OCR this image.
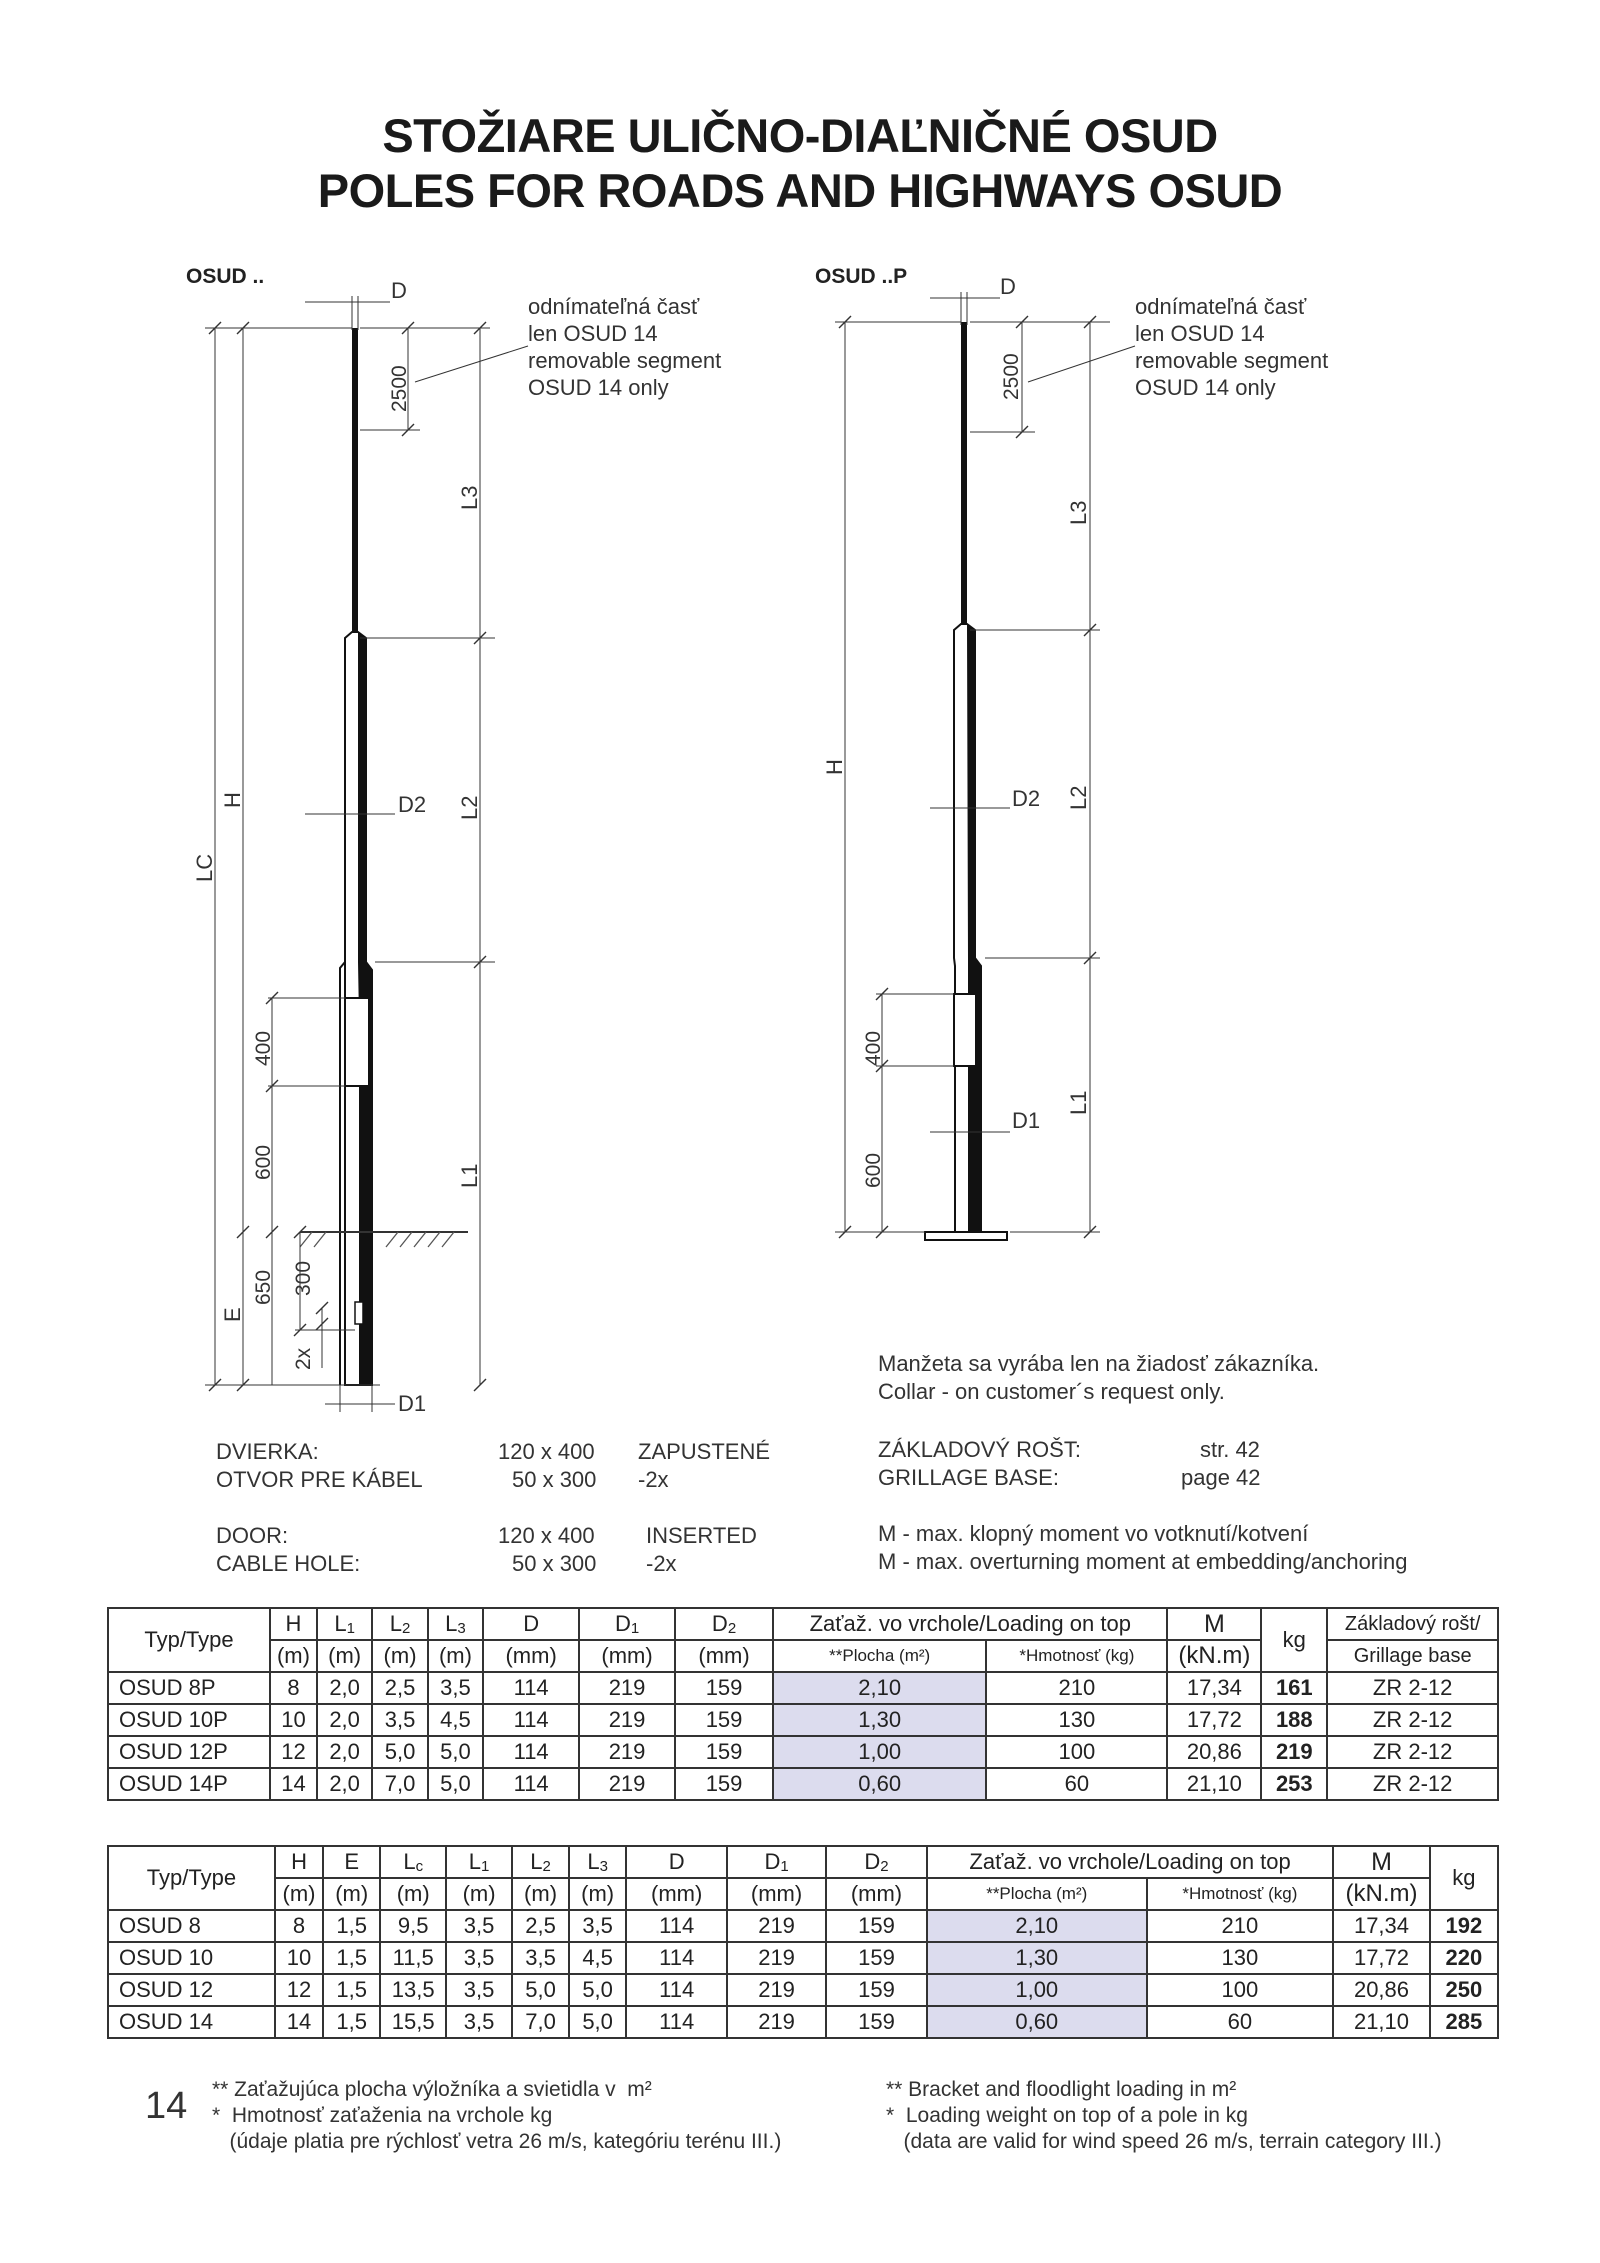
STOŽIARE ULIČNO-DIAĽNIČNÉ OSUD
POLES FOR ROADS AND HIGHWAYS OSUD
OSUD ..
D
2500
odnímateľná časť
len OSUD 14
removable segment
OSUD 14 only
L3
L2
L1
D2
LC
H
E
400
600
650 300
2x
D1
OSUD ..P	D
2500
odnímateľná časť
len OSUD 14
removable segment
OSUD 14 only
L3
L2
L1
D2
D1
H
400
600
Manžeta sa vyrába len na žiadosť zákazníka.
Collar - on customer´s request only.
DVIERKA:	120 x 400 ZAPUSTENÉ
OTVOR PRE KÁBEL	50 x 300 -2x
DOOR:	120 x 400 INSERTED
CABLE HOLE:	50 x 300 -2x
ZÁKLADOVÝ ROŠT:	str. 42
GRILLAGE BASE:	page 42
M - max. klopný moment vo votknutí/kotvení
M - max. overturning moment at embedding/anchoring
Typ/Type	H	L1	L2	L3	D	D1	D2	Zaťaž. vo vrchole/Loading on top		M	kg	Základový rošt/
	(m)	(m)	(m)	(m)	(mm)	(mm)	(mm)	**Plocha (m²)	*Hmotnosť (kg)	(kN.m)		Grillage base
OSUD 8P	8	2,0	2,5	3,5	114	219	159	2,10	210	17,34	161	ZR 2-12
OSUD 10P	10	2,0	3,5	4,5	114	219	159	1,30	130	17,72	188	ZR 2-12
OSUD 12P	12	2,0	5,0	5,0	114	219	159	1,00	100	20,86	219	ZR 2-12
OSUD 14P	14	2,0	7,0	5,0	114	219	159	0,60	60	21,10	253	ZR 2-12
Typ/Type	H	E	Lc	L1	L2	L3	D	D1	D2	Zaťaž. vo vrchole/Loading on top		M	kg
	(m)	(m)	(m)	(m)	(m)	(m)	(mm)	(mm)	(mm)	**Plocha (m²)	*Hmotnosť (kg)	(kN.m)	
OSUD 8	8	1,5	9,5	3,5	2,5	3,5	114	219	159	2,10	210	17,34	192
OSUD 10	10	1,5	11,5	3,5	3,5	4,5	114	219	159	1,30	130	17,72	220
OSUD 12	12	1,5	13,5	3,5	5,0	5,0	114	219	159	1,00	100	20,86	250
OSUD 14	14	1,5	15,5	3,5	7,0	5,0	114	219	159	0,60	60	21,10	285
14 ** Zaťažujúca plocha výložníka a svietidla v  m²
*  Hmotnosť zaťaženia na vrchole kg
(údaje platia pre rýchlosť vetra 26 m/s, kategóriu terénu III.)
** Bracket and floodlight loading in m²
*  Loading weight on top of a pole in kg
(data are valid for wind speed 26 m/s, terrain category III.)
